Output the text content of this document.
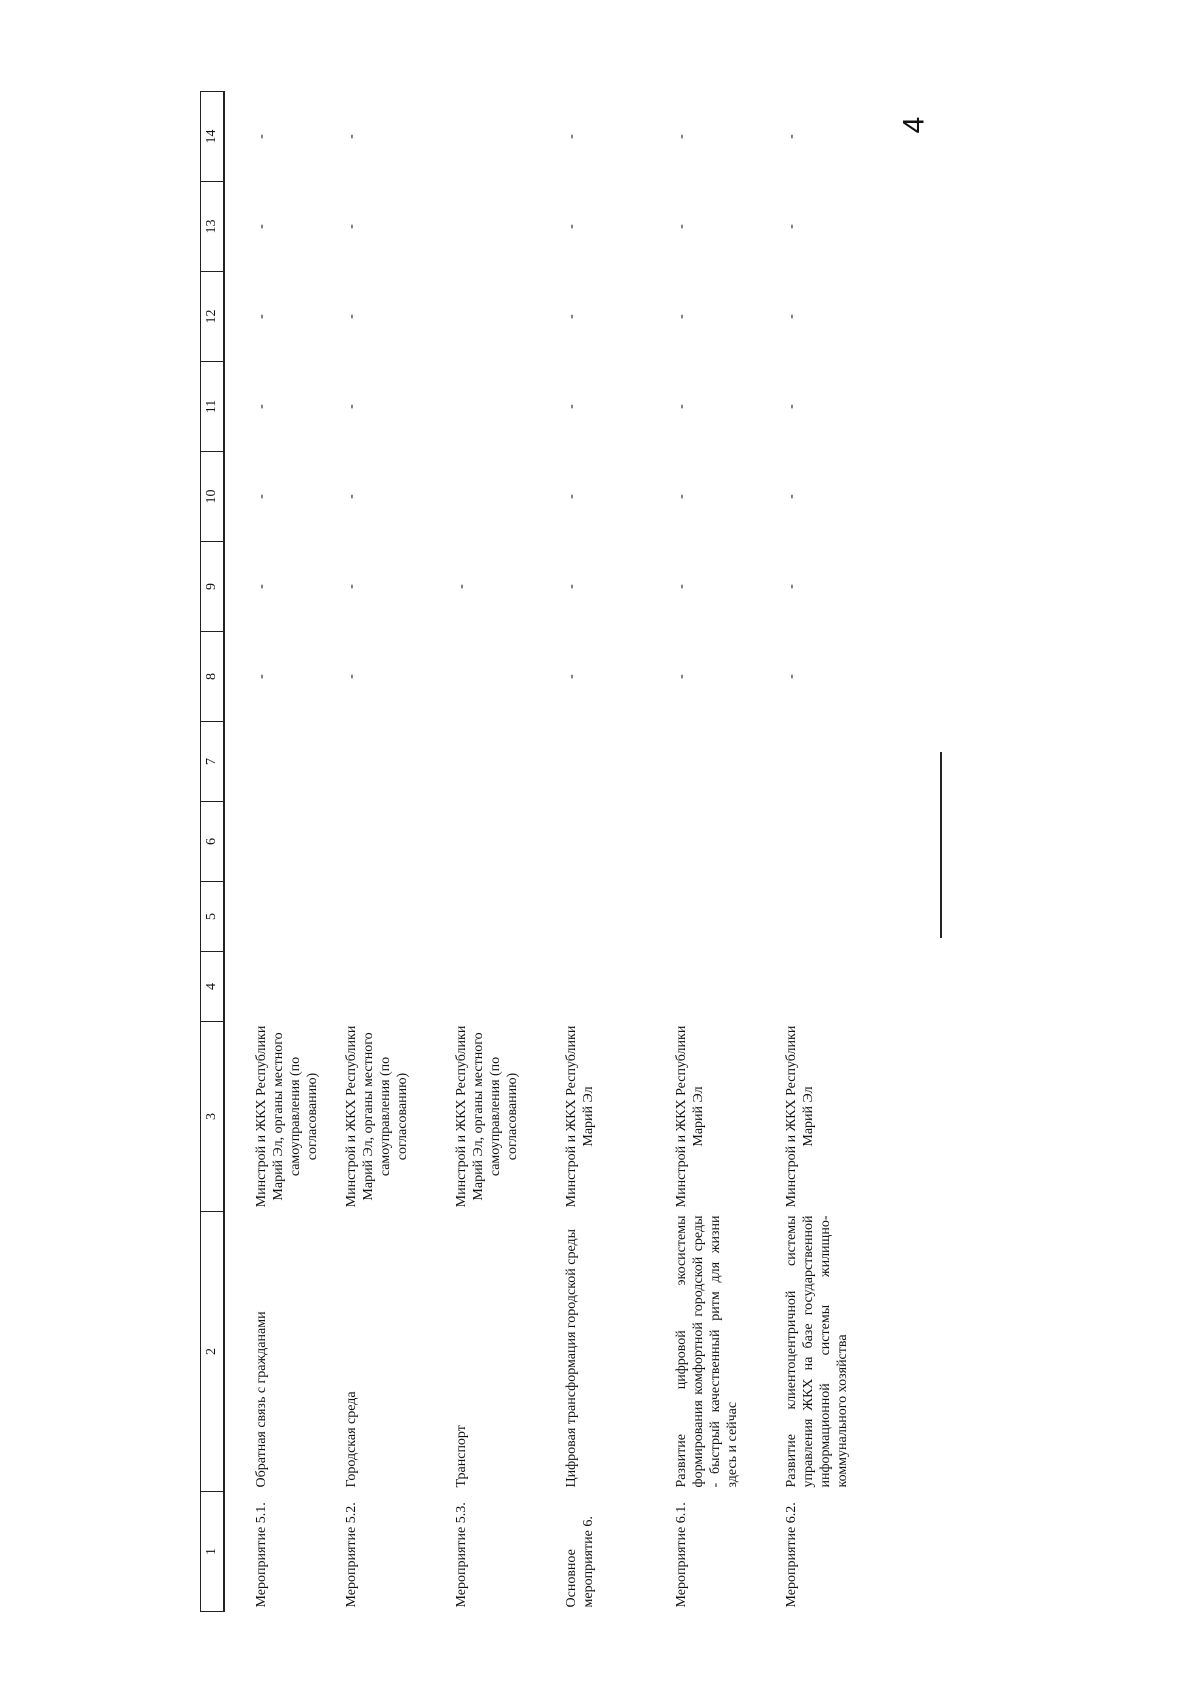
4
1	2	3	4	5	6	7	8	9	10	11	12	13	14
Мероприятие 5.1.	Обратная связь с гражданами	Минстрой и ЖКХ Республики Марий Эл, органы местного самоуправления (по согласованию)					-	-	-	-	-	-	-
Мероприятие 5.2.	Городская среда	Минстрой и ЖКХ Республики Марий Эл, органы местного самоуправления (по согласованию)					-	-	-	-	-	-	-
Мероприятие 5.3.	Транспорт	Минстрой и ЖКХ Республики Марий Эл, органы местного самоуправления (по согласованию)						-					
Основное мероприятие 6.	Цифровая трансформация городской среды	Минстрой и ЖКХ Республики Марий Эл					-	-	-	-	-	-	-
Мероприятие 6.1.	Развитие цифровой экосистемы формирования комфортной городской среды - быстрый качественный ритм для жизни здесь и сейчас	Минстрой и ЖКХ Республики Марий Эл					-	-	-	-	-	-	-
Мероприятие 6.2.	Развитие клиентоцентричной системы управления ЖКХ на базе государственной информационной системы жилищно-коммунального хозяйства	Минстрой и ЖКХ Республики Марий Эл					-	-	-	-	-	-	-
